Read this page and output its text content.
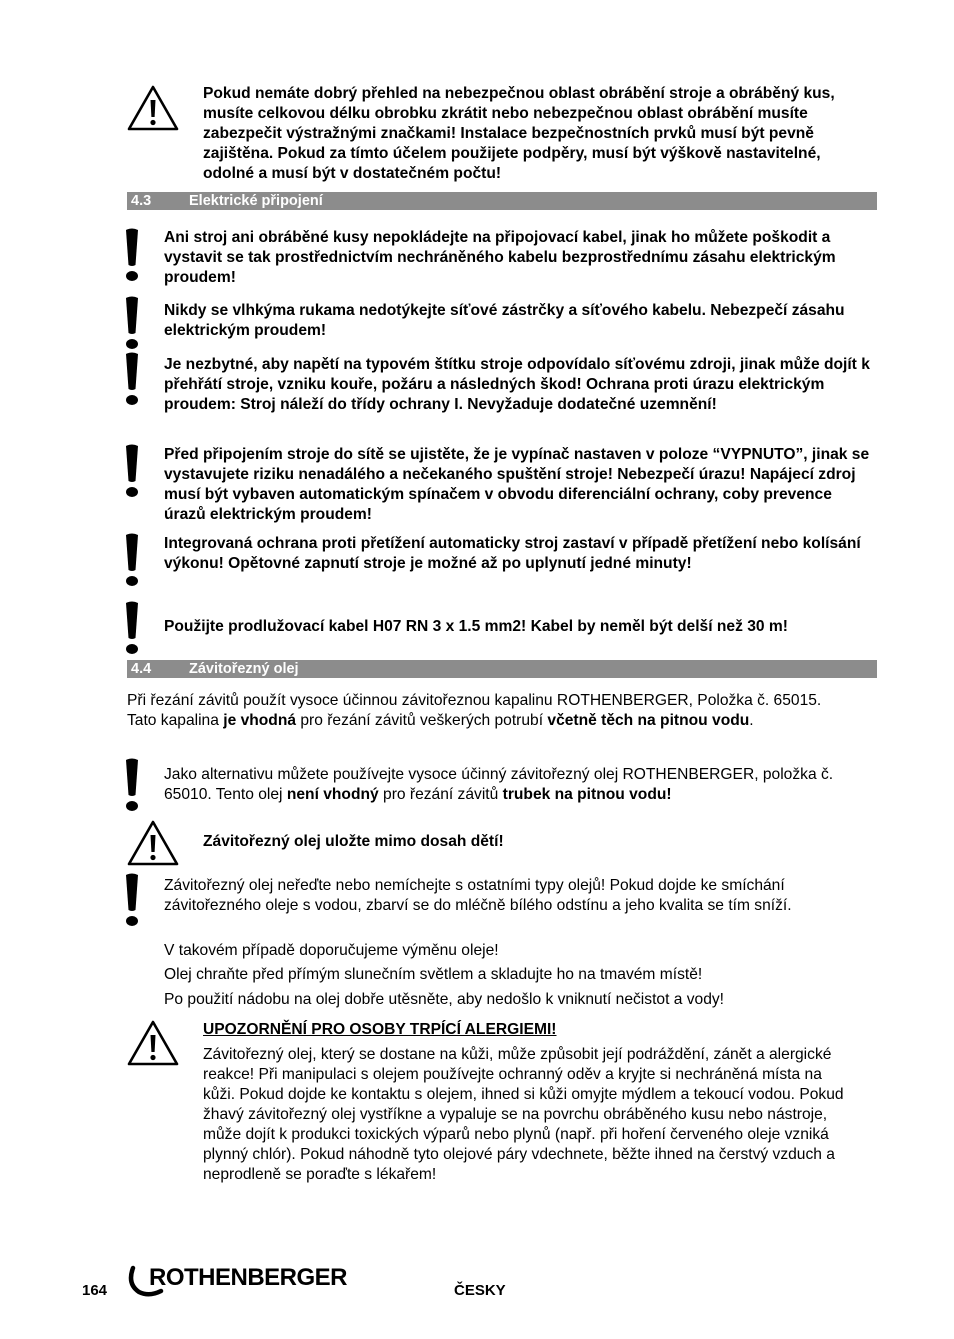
Pokud nemáte dobrý přehled na nebezpečnou oblast obrábění stroje a obráběný kus, musíte celkovou délku obrobku zkrátit nebo nebezpečnou oblast obrábění musíte zabezpečit výstražnými značkami! Instalace bezpečnostních prvků musí být pevně zajištěna. Pokud za tímto účelem použijete podpěry, musí být výškově nastavitelné, odolné a musí být v dostatečném počtu!
4.3	Elektrické připojení
Ani stroj ani obráběné kusy nepokládejte na připojovací kabel, jinak ho můžete poškodit a vystavit se tak prostřednictvím nechráněného kabelu bezprostřednímu zásahu elektrickým proudem!
Nikdy se vlhkýma rukama nedotýkejte síťové zástrčky a síťového kabelu. Nebezpečí zásahu elektrickým proudem!
Je nezbytné, aby napětí na typovém štítku stroje odpovídalo síťovému zdroji, jinak může dojít k přehřátí stroje, vzniku kouře, požáru a následných škod! Ochrana proti úrazu elektrickým proudem: Stroj náleží do třídy ochrany I. Nevyžaduje dodatečné uzemnění!
Před připojením stroje do sítě se ujistěte, že je vypínač nastaven v poloze “VYPNUTO”, jinak se vystavujete riziku nenadálého a nečekaného spuštění stroje! Nebezpečí úrazu! Napájecí zdroj musí být vybaven automatickým spínačem v obvodu diferenciální ochrany, coby prevence úrazů elektrickým proudem!
Integrovaná ochrana proti přetížení automaticky stroj zastaví v případě přetížení nebo kolísání výkonu! Opětovné zapnutí stroje je možné až po uplynutí jedné minuty!
Použijte prodlužovací kabel H07 RN 3 x 1.5 mm2! Kabel by neměl být delší než 30 m!
4.4	Závitořezný olej
Při řezání závitů použít vysoce účinnou závitořeznou kapalinu ROTHENBERGER, Položka č. 65015. Tato kapalina je vhodná pro řezání závitů veškerých potrubí včetně těch na pitnou vodu.
Jako alternativu můžete používejte vysoce účinný závitořezný olej ROTHENBERGER, položka č. 65010. Tento olej není vhodný pro řezání závitů trubek na pitnou vodu!
Závitořezný olej uložte mimo dosah dětí!
Závitořezný olej neřeďte nebo nemíchejte s ostatními typy olejů! Pokud dojde ke smíchání závitořezného oleje s vodou, zbarví se do mléčně bílého odstínu a jeho kvalita se tím sníží.
V takovém případě doporučujeme výměnu oleje!
Olej chraňte před přímým slunečním světlem a skladujte ho na tmavém místě!
Po použití nádobu na olej dobře utěsněte, aby nedošlo k vniknutí nečistot a vody!
UPOZORNĚNÍ PRO OSOBY TRPÍCÍ ALERGIEMI!
Závitořezný olej, který se dostane na kůži, může způsobit její podráždění, zánět a alergické reakce! Při manipulaci s olejem používejte ochranný oděv a kryjte si nechráněná místa na kůži. Pokud dojde ke kontaktu s olejem, ihned si kůži omyjte mýdlem a tekoucí vodou. Pokud žhavý závitořezný olej vystříkne a vypaluje se na povrchu obráběného kusu nebo nástroje, může dojít k produkci toxických výparů nebo plynů (např. při hoření červeného oleje vzniká plynný chlór). Pokud náhodně tyto olejové páry vdechnete, běžte ihned na čerstvý vzduch a neprodleně se poraďte s lékařem!
164 ROTHENBERGER	ČESKY
